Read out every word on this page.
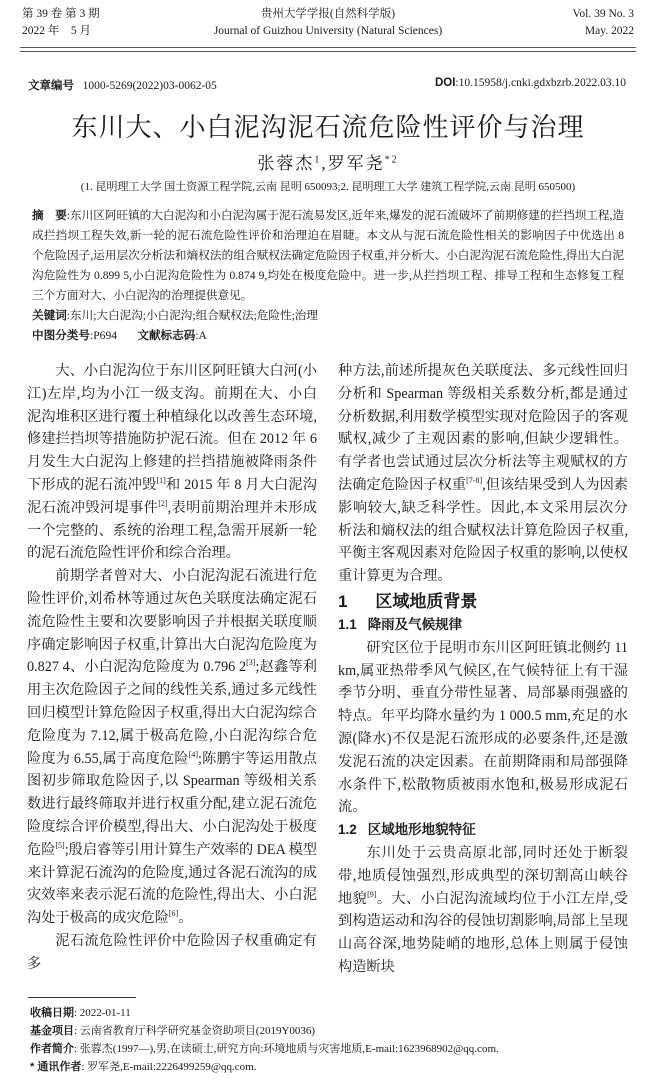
第 39 卷 第 3 期
2022 年　5 月
贵州大学学报(自然科学版)
Journal of Guizhou University (Natural Sciences)
Vol. 39 No. 3
May. 2022
文章编号 1000-5269(2022)03-0062-05	DOI:10.15958/j.cnki.gdxbzrb.2022.03.10
东川大、小白泥沟泥石流危险性评价与治理
张蓉杰$^1$,罗军尧$^{*2}$
(1. 昆明理工大学 国土资源工程学院,云南 昆明 650093;2. 昆明理工大学 建筑工程学院,云南 昆明 650500)

摘　要:东川区阿旺镇的大白泥沟和小白泥沟属于泥石流易发区,近年来,爆发的泥石流破坏了前期修建的拦挡坝工程,造成拦挡坝工程失效,新一轮的泥石流危险性评价和治理迫在眉睫。本文从与泥石流危险性相关的影响因子中优选出 8 个危险因子,运用层次分析法和熵权法的组合赋权法确定危险因子权重,并分析大、小白泥沟泥石流危险性,得出大白泥沟危险性为 0.899 5,小白泥沟危险性为 0.874 9,均处在极度危险中。进一步,从拦挡坝工程、排导工程和生态修复工程三个方面对大、小白泥沟的治理提供意见。

关键词:东川;大白泥沟;小白泥沟;组合赋权法;危险性;治理

中图分类号:P694 文献标志码:A

大、小白泥沟位于东川区阿旺镇大白河(小江)左岸,均为小江一级支沟。前期在大、小白泥沟堆积区进行覆土种植绿化以改善生态环境,修建拦挡坝等措施防护泥石流。但在 2012 年 6 月发生大白泥沟上修建的拦挡措施被降雨条件下形成的泥石流冲毁[1]和 2015 年 8 月大白泥沟泥石流冲毁河堤事件[2],表明前期治理并未形成一个完整的、系统的治理工程,急需开展新一轮的泥石流危险性评价和综合治理。

前期学者曾对大、小白泥沟泥石流进行危险性评价,刘希林等通过灰色关联度法确定泥石流危险性主要和次要影响因子并根据关联度顺序确定影响因子权重,计算出大白泥沟危险度为 0.827 4、小白泥沟危险度为 0.796 2[3];赵鑫等利用主次危险因子之间的线性关系,通过多元线性回归模型计算危险因子权重,得出大白泥沟综合危险度为 7.12,属于极高危险,小白泥沟综合危险度为 6.55,属于高度危险[4];陈鹏宇等运用散点图初步筛取危险因子,以 Spearman 等级相关系数进行最终筛取并进行权重分配,建立泥石流危险度综合评价模型,得出大、小白泥沟处于极度危险[5];殷启睿等引用计算生产效率的 DEA 模型来计算泥石流沟的危险度,通过各泥石流沟的成灾效率来表示泥石流的危险性,得出大、小白泥沟处于极高的成灾危险[6]。

泥石流危险性评价中危险因子权重确定有多

种方法,前述所提灰色关联度法、多元线性回归分析和 Spearman 等级相关系数分析,都是通过分析数据,利用数学模型实现对危险因子的客观赋权,减少了主观因素的影响,但缺少逻辑性。有学者也尝试通过层次分析法等主观赋权的方法确定危险因子权重[7-8],但该结果受到人为因素影响较大,缺乏科学性。因此,本文采用层次分析法和熵权法的组合赋权法计算危险因子权重,平衡主客观因素对危险因子权重的影响,以使权重计算更为合理。

1 区域地质背景
1.1 降雨及气候规律

研究区位于昆明市东川区阿旺镇北侧约 11 km,属亚热带季风气候区,在气候特征上有干湿季节分明、垂直分带性显著、局部暴雨强盛的特点。年平均降水量约为 1 000.5 mm,充足的水源(降水)不仅是泥石流形成的必要条件,还是激发泥石流的决定因素。在前期降雨和局部强降水条件下,松散物质被雨水饱和,极易形成泥石流。

1.2 区域地形地貌特征

东川处于云贵高原北部,同时还处于断裂带,地质侵蚀强烈,形成典型的深切割高山峡谷地貌[9]。大、小白泥沟流域均位于小江左岸,受到构造运动和沟谷的侵蚀切割影响,局部上呈现山高谷深,地势陡峭的地形,总体上则属于侵蚀构造断块

收稿日期: 2022-01-11
基金项目: 云南省教育厅科学研究基金资助项目(2019Y0036)
作者简介: 张蓉杰(1997—),男,在读硕士,研究方向:环境地质与灾害地质,E-mail:1623968902@qq.com.
* 通讯作者: 罗军尧,E-mail:2226499259@qq.com.
